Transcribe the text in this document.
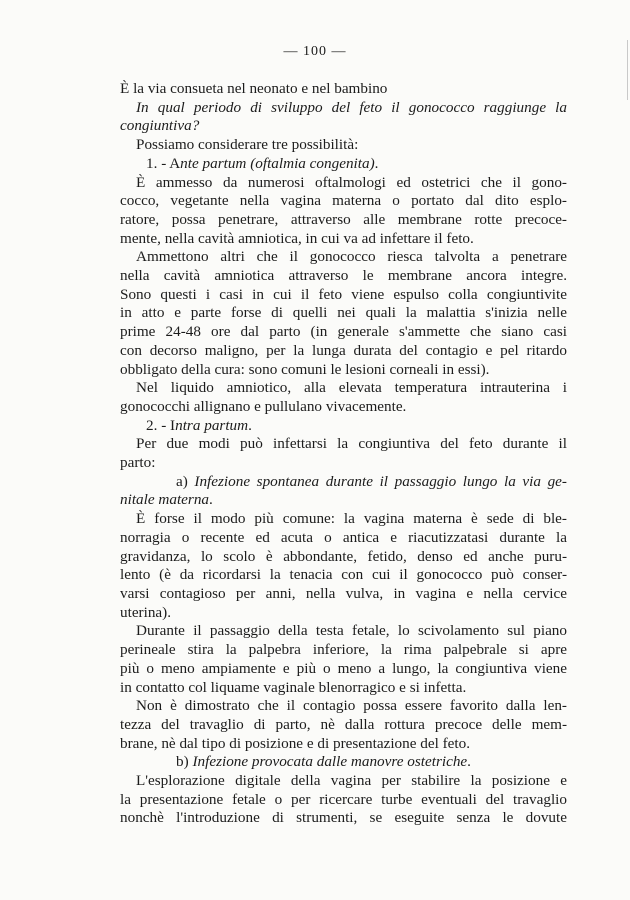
— 100 —
È la via consueta nel neonato e nel bambino
In qual periodo di sviluppo del feto il gonococco raggiunge la
congiuntiva?
Possiamo considerare tre possibilità:
1. - Ante partum (oftalmia congenita).
È ammesso da numerosi oftalmologi ed ostetrici che il gono-
cocco, vegetante nella vagina materna o portato dal dito esplo-
ratore, possa penetrare, attraverso alle membrane rotte precoce-
mente, nella cavità amniotica, in cui va ad infettare il feto.
Ammettono altri che il gonococco riesca talvolta a penetrare
nella cavità amniotica attraverso le membrane ancora integre.
Sono questi i casi in cui il feto viene espulso colla congiuntivite
in atto e parte forse di quelli nei quali la malattia s'inizia nelle
prime 24-48 ore dal parto (in generale s'ammette che siano casi
con decorso maligno, per la lunga durata del contagio e pel ritardo
obbligato della cura: sono comuni le lesioni corneali in essi).
Nel liquido amniotico, alla elevata temperatura intrauterina i
gonococchi allignano e pullulano vivacemente.
2. - Intra partum.
Per due modi può infettarsi la congiuntiva del feto durante il
parto:
a) Infezione spontanea durante il passaggio lungo la via ge-
nitale materna.
È forse il modo più comune: la vagina materna è sede di ble-
norragia o recente ed acuta o antica e riacutizzatasi durante la
gravidanza, lo scolo è abbondante, fetido, denso ed anche puru-
lento (è da ricordarsi la tenacia con cui il gonococco può conser-
varsi contagioso per anni, nella vulva, in vagina e nella cervice
uterina).
Durante il passaggio della testa fetale, lo scivolamento sul piano
perineale stira la palpebra inferiore, la rima palpebrale si apre
più o meno ampiamente e più o meno a lungo, la congiuntiva viene
in contatto col liquame vaginale blenorragico e si infetta.
Non è dimostrato che il contagio possa essere favorito dalla len-
tezza del travaglio di parto, nè dalla rottura precoce delle mem-
brane, nè dal tipo di posizione e di presentazione del feto.
b) Infezione provocata dalle manovre ostetriche.
L'esplorazione digitale della vagina per stabilire la posizione e
la presentazione fetale o per ricercare turbe eventuali del travaglio
nonchè l'introduzione di strumenti, se eseguite senza le dovute
